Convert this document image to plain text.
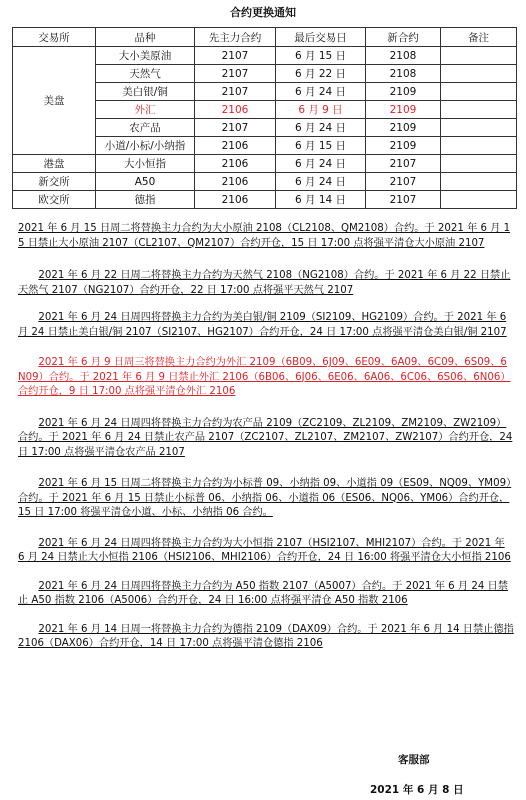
合约更换通知
交易所	品种	先主力合约	最后交易日	新合约	备注
美盘	大小美原油	2107	6 月 15 日	2108	
	天然气	2107	6 月 22 日	2108	
	美白银/铜	2107	6 月 24 日	2109	
	外汇	2106	6 月 9 日	2109	
	农产品	2107	6 月 24 日	2109	
	小道/小标/小纳指	2106	6 月 15 日	2109	
港盘	大小恒指	2106	6 月 24 日	2107	
新交所	A50	2106	6 月 24 日	2107	
欧交所	德指	2106	6 月 14 日	2107	

2021 年 6 月 15 日周二将替换主力合约为大小原油 2108（CL2108、QM2108）合约。于 2021 年 6 月 15 日禁止大小原油 2107（CL2107、QM2107）合约开仓，15 日 17:00 点将强平清仓大小原油 2107

2021 年 6 月 22 日周二将替换主力合约为天然气 2108（NG2108）合约。于 2021 年 6 月 22 日禁止天然气 2107（NG2107）合约开仓，22 日 17:00 点将强平天然气 2107

2021 年 6 月 24 日周四将替换主力合约为美白银/铜 2109（SI2109、HG2109）合约。于 2021 年 6 月 24 日禁止美白银/铜 2107（SI2107、HG2107）合约开仓，24 日 17:00 点将强平清仓美白银/铜 2107

2021 年 6 月 9 日周三将替换主力合约为外汇 2109（6B09、6J09、6E09、6A09、6C09、6S09、6N09）合约。于 2021 年 6 月 9 日禁止外汇 2106（6B06、6J06、6E06、6A06、6C06、6S06、6N06）合约开仓，9 日 17:00 点将强平清仓外汇 2106

2021 年 6 月 24 日周四将替换主力合约为农产品 2109（ZC2109、ZL2109、ZM2109、ZW2109）合约。于 2021 年 6 月 24 日禁止农产品 2107（ZC2107、ZL2107、ZM2107、ZW2107）合约开仓，24 日 17:00 点将强平清仓农产品 2107

2021 年 6 月 15 日周二将替换主力合约为小标普 09、小纳指 09、小道指 09（ES09、NQ09、YM09）合约。于 2021 年 6 月 15 日禁止小标普 06、小纳指 06、小道指 06（ES06、NQ06、YM06）合约开仓，15 日 17:00 将强平清仓小道、小标、小纳指 06 合约。

2021 年 6 月 24 日周四将替换主力合约为大小恒指 2107（HSI2107、MHI2107）合约。于 2021 年 6 月 24 日禁止大小恒指 2106（HSI2106、MHI2106）合约开仓，24 日 16:00 将强平清仓大小恒指 2106

2021 年 6 月 24 日周四将替换主力合约为 A50 指数 2107（A5007）合约。于 2021 年 6 月 24 日禁止 A50 指数 2106（A5006）合约开仓，24 日 16:00 点将强平清仓 A50 指数 2106

2021 年 6 月 14 日周一将替换主力合约为德指 2109（DAX09）合约。于 2021 年 6 月 14 日禁止德指 2106（DAX06）合约开仓，14 日 17:00 点将强平清仓德指 2106

客服部
2021 年 6 月 8 日
